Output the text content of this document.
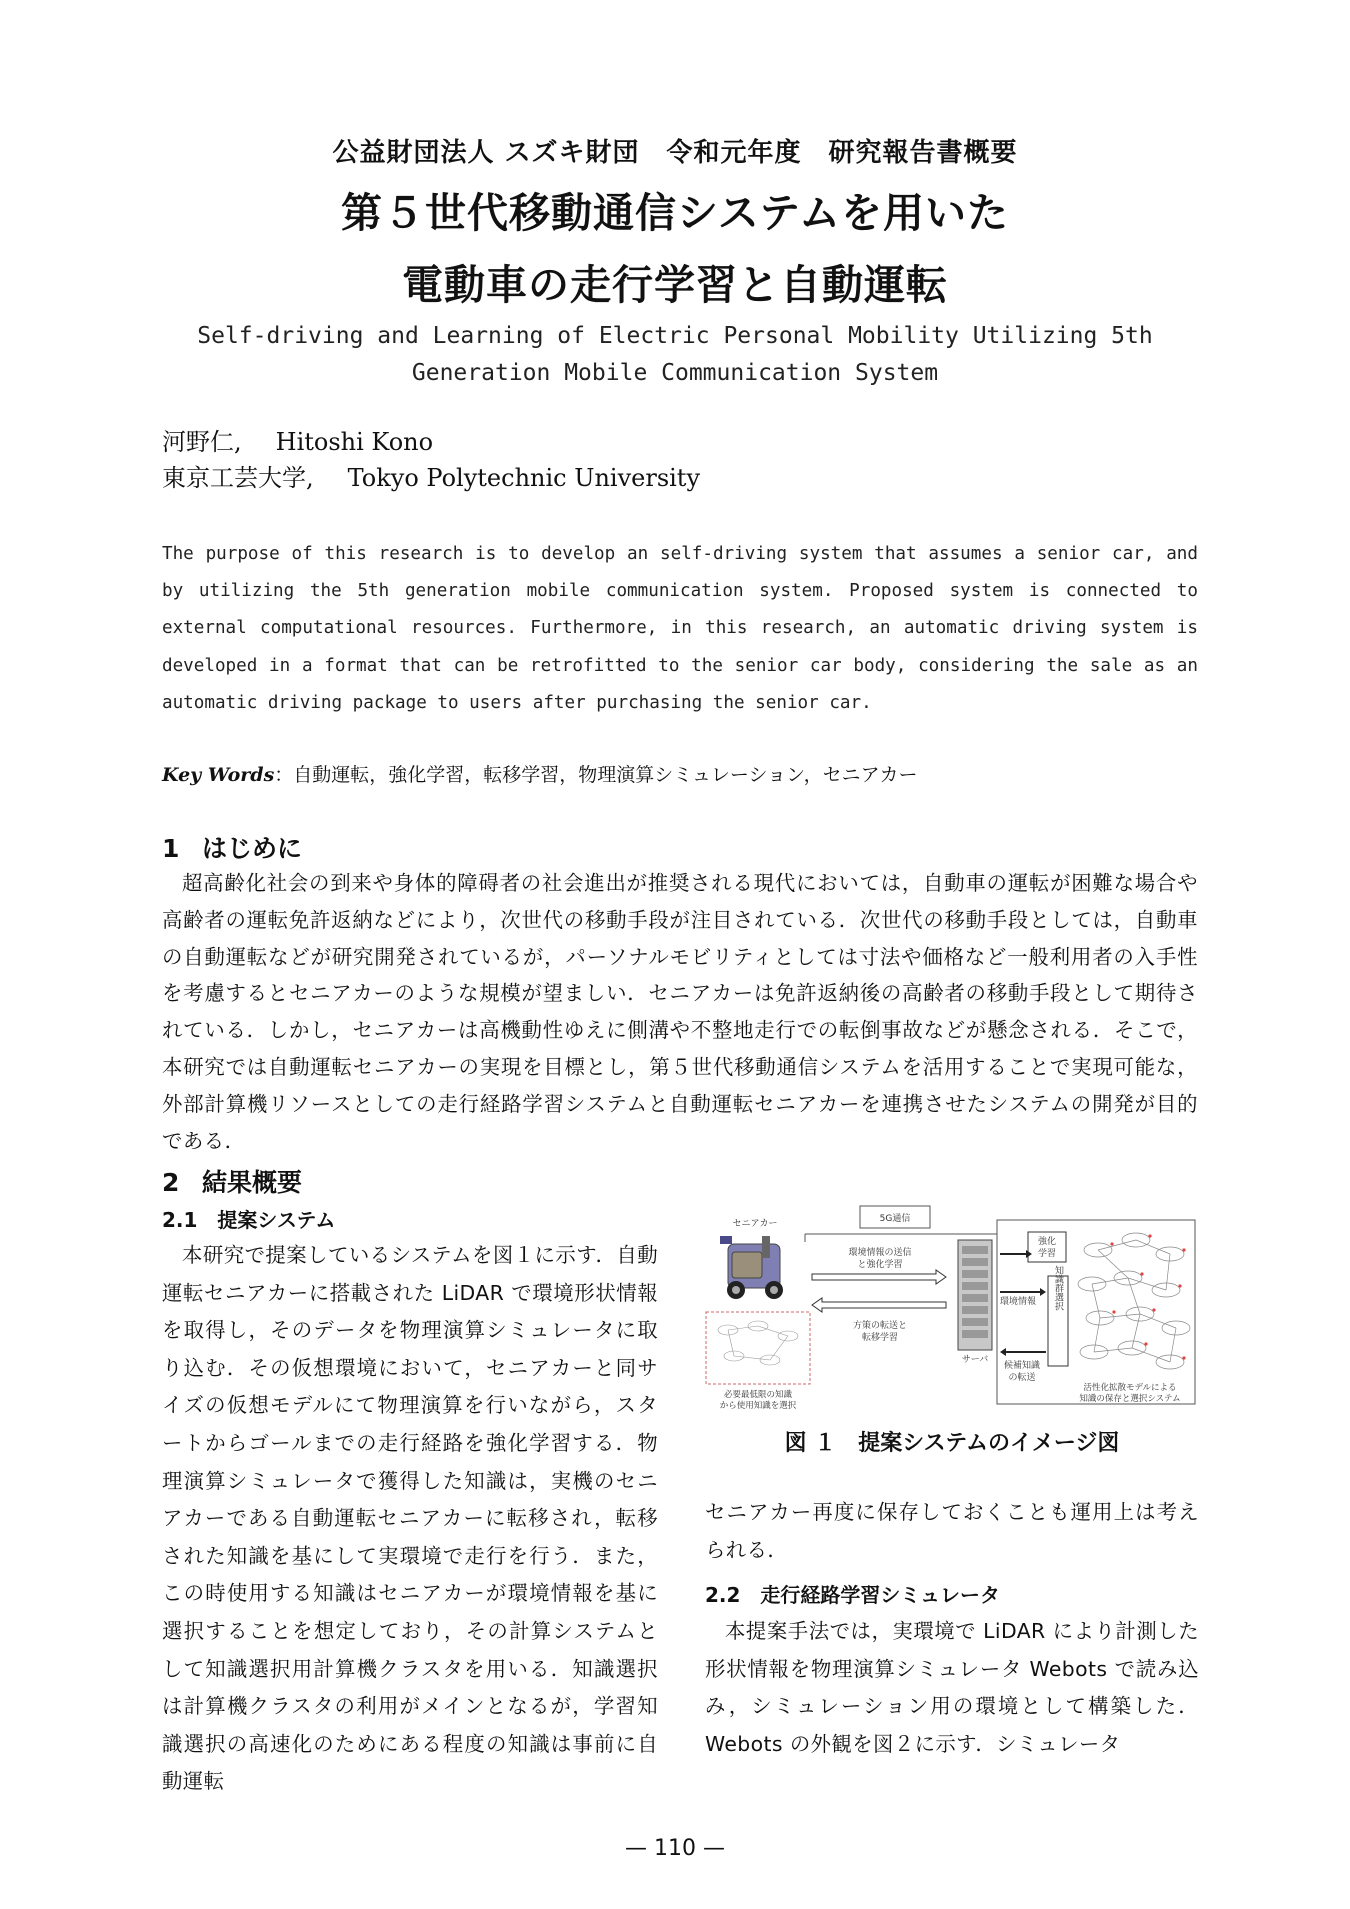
公益財団法人 スズキ財団　令和元年度　研究報告書概要
第５世代移動通信システムを用いた
電動車の走行学習と自動運転
Self-driving and Learning of Electric Personal Mobility Utilizing 5th
Generation Mobile Communication System
河野仁, Hitoshi Kono
東京工芸大学, Tokyo Polytechnic University
The purpose of this research is to develop an self-driving system that assumes a senior car, and by utilizing the 5th generation mobile communication system. Proposed system is connected to external computational resources. Furthermore, in this research, an automatic driving system is developed in a format that can be retrofitted to the senior car body, considering the sale as an automatic driving package to users after purchasing the senior car.
Key Words：自動運転，強化学習，転移学習，物理演算シミュレーション，セニアカー
1 はじめに
超高齢化社会の到来や身体的障碍者の社会進出が推奨される現代においては，自動車の運転が困難な場合や高齢者の運転免許返納などにより，次世代の移動手段が注目されている．次世代の移動手段としては，自動車の自動運転などが研究開発されているが，パーソナルモビリティとしては寸法や価格など一般利用者の入手性を考慮するとセニアカーのような規模が望ましい．セニアカーは免許返納後の高齢者の移動手段として期待されている．しかし，セニアカーは高機動性ゆえに側溝や不整地走行での転倒事故などが懸念される．そこで，本研究では自動運転セニアカーの実現を目標とし，第５世代移動通信システムを活用することで実現可能な，外部計算機リソースとしての走行経路学習システムと自動運転セニアカーを連携させたシステムの開発が目的である．
2 結果概要
2.1　提案システム
本研究で提案しているシステムを図１に示す．自動運転セニアカーに搭載された LiDAR で環境形状情報を取得し，そのデータを物理演算シミュレータに取り込む．その仮想環境において，セニアカーと同サイズの仮想モデルにて物理演算を行いながら，スタートからゴールまでの走行経路を強化学習する．物理演算シミュレータで獲得した知識は，実機のセニアカーである自動運転セニアカーに転移され，転移された知識を基にして実環境で走行を行う．また，この時使用する知識はセニアカーが環境情報を基に選択することを想定しており，その計算システムとして知識選択用計算機クラスタを用いる．知識選択は計算機クラスタの利用がメインとなるが，学習知識選択の高速化のためにある程度の知識は事前に自動運転
5G通信
セニアカー
環境情報の送信
と強化学習
方策の転送と
転移学習
サーバ
強化
学習
環境情報 知識群選択
候補知識
の転送
活性化拡散モデルによる
知識の保存と選択システム
必要最低限の知識
から使用知識を選択
図 １　提案システムのイメージ図
セニアカー再度に保存しておくことも運用上は考えられる．
2.2　走行経路学習シミュレータ
本提案手法では，実環境で LiDAR により計測した形状情報を物理演算シミュレータ Webots で読み込み，シミュレーション用の環境として構築した． Webots の外観を図２に示す．シミュレータ
— 110 —
